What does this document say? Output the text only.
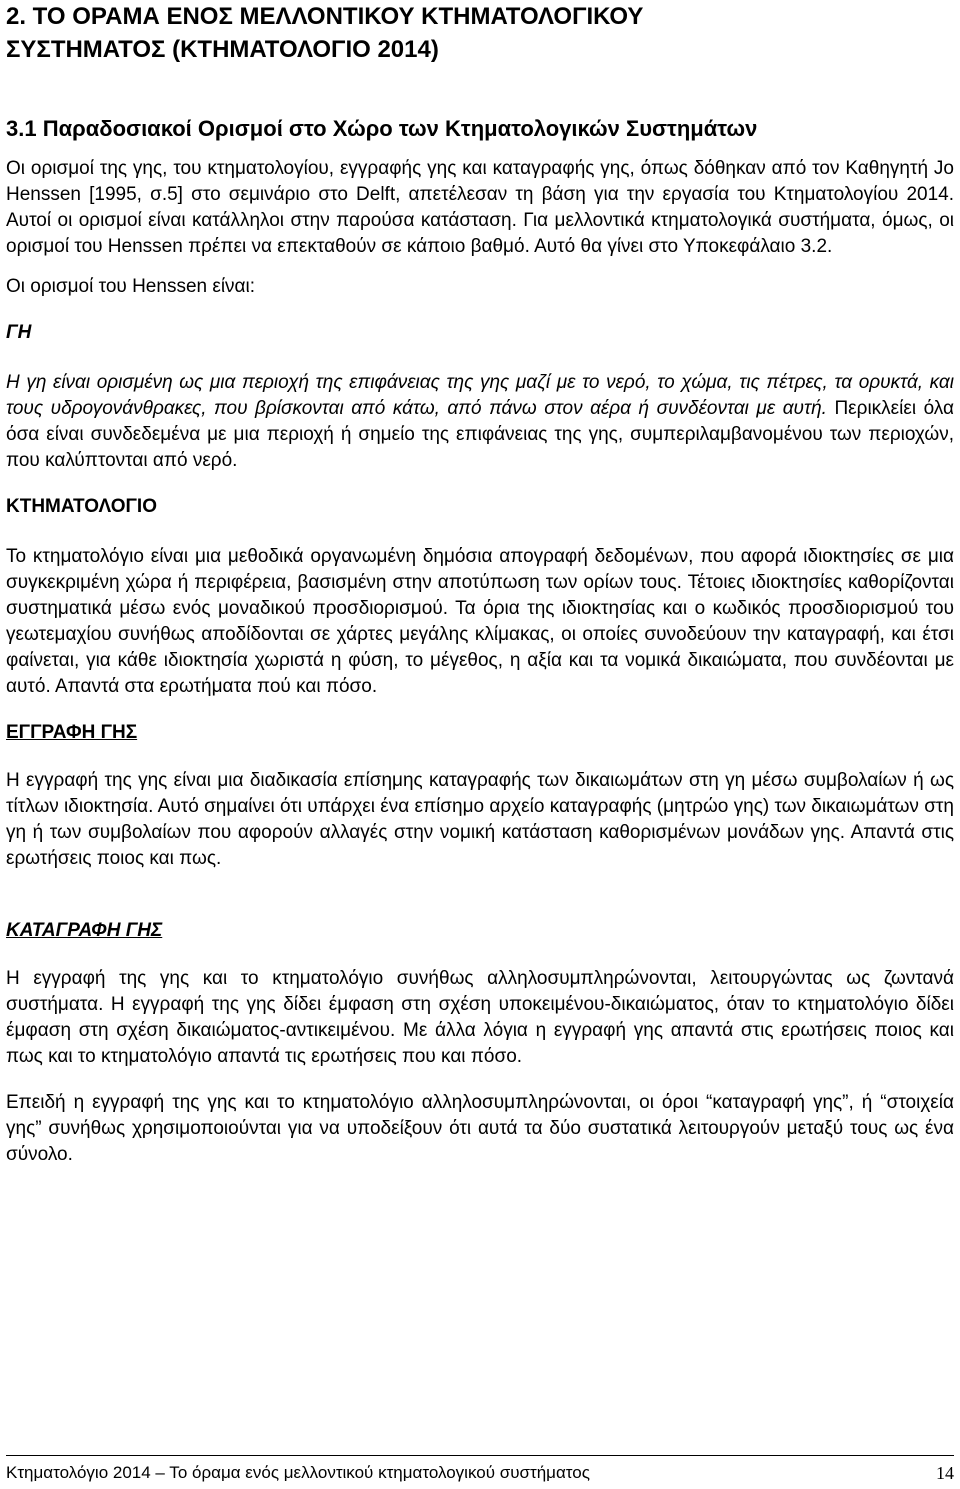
2. ΤΟ ΟΡΑΜΑ ΕΝΟΣ ΜΕΛΛΟΝΤΙΚΟΥ ΚΤΗΜΑΤΟΛΟΓΙΚΟΥ
ΣΥΣΤΗΜΑΤΟΣ (ΚΤΗΜΑΤΟΛΟΓΙΟ 2014)
3.1 Παραδοσιακοί Ορισμοί στο Χώρο των Κτηματολογικών Συστημάτων

Οι ορισμοί της γης, του κτηματολογίου, εγγραφής γης και καταγραφής γης, όπως δόθηκαν από τον Καθηγητή Jo Henssen [1995, σ.5] στο σεμινάριο στο Delft, απετέλεσαν τη βάση για την εργασία του Κτηματολογίου 2014. Αυτοί οι ορισμοί είναι κατάλληλοι στην παρούσα κατάσταση. Για μελλοντικά κτηματολογικά συστήματα, όμως, οι ορισμοί του Henssen πρέπει να επεκταθούν σε κάποιο βαθμό. Αυτό θα γίνει στο Υποκεφάλαιο 3.2.

Οι ορισμοί του Henssen είναι:

ΓΗ

Η γη είναι ορισμένη ως μια περιοχή της επιφάνειας της γης μαζί με το νερό, το χώμα, τις πέτρες, τα ορυκτά, και τους υδρογονάνθρακες, που βρίσκονται από κάτω, από πάνω στον αέρα ή συνδέονται με αυτή. Περικλείει όλα όσα είναι συνδεδεμένα με μια περιοχή ή σημείο της επιφάνειας της γης, συμπεριλαμβανομένου των περιοχών, που καλύπτονται από νερό.

ΚΤΗΜΑΤΟΛΟΓΙΟ

Το κτηματολόγιο είναι μια μεθοδικά οργανωμένη δημόσια απογραφή δεδομένων, που αφορά ιδιοκτησίες σε μια συγκεκριμένη χώρα ή περιφέρεια, βασισμένη στην αποτύπωση των ορίων τους. Τέτοιες ιδιοκτησίες καθορίζονται συστηματικά μέσω ενός μοναδικού προσδιορισμού. Τα όρια της ιδιοκτησίας και ο κωδικός προσδιορισμού του γεωτεμαχίου συνήθως αποδίδονται σε χάρτες μεγάλης κλίμακας, οι οποίες συνοδεύουν την καταγραφή, και έτσι φαίνεται, για κάθε ιδιοκτησία χωριστά η φύση, το μέγεθος, η αξία και τα νομικά δικαιώματα, που συνδέονται με αυτό. Απαντά στα ερωτήματα πού και πόσο.

ΕΓΓΡΑΦΗ ΓΗΣ

Η εγγραφή της γης είναι μια διαδικασία επίσημης καταγραφής των δικαιωμάτων στη γη μέσω συμβολαίων ή ως τίτλων ιδιοκτησία. Αυτό σημαίνει ότι υπάρχει ένα επίσημο αρχείο καταγραφής (μητρώο γης) των δικαιωμάτων στη γη ή των συμβολαίων που αφορούν αλλαγές στην νομική κατάσταση καθορισμένων μονάδων γης. Απαντά στις ερωτήσεις ποιος και πως.

ΚΑΤΑΓΡΑΦΗ ΓΗΣ

Η εγγραφή της γης και το κτηματολόγιο συνήθως αλληλοσυμπληρώνονται, λειτουργώντας ως ζωντανά συστήματα. Η εγγραφή της γης δίδει έμφαση στη σχέση υποκειμένου-δικαιώματος, όταν το κτηματολόγιο δίδει έμφαση στη σχέση δικαιώματος-αντικειμένου. Με άλλα λόγια η εγγραφή γης απαντά στις ερωτήσεις ποιος και πως και το κτηματολόγιο απαντά τις ερωτήσεις που και πόσο.

Επειδή η εγγραφή της γης και το κτηματολόγιο αλληλοσυμπληρώνονται, οι όροι “καταγραφή γης”, ή “στοιχεία γης” συνήθως χρησιμοποιούνται για να υποδείξουν ότι αυτά τα δύο συστατικά λειτουργούν μεταξύ τους ως ένα σύνολο.

Κτηματολόγιο 2014 – Το όραμα ενός μελλοντικού κτηματολογικού συστήματος	14
